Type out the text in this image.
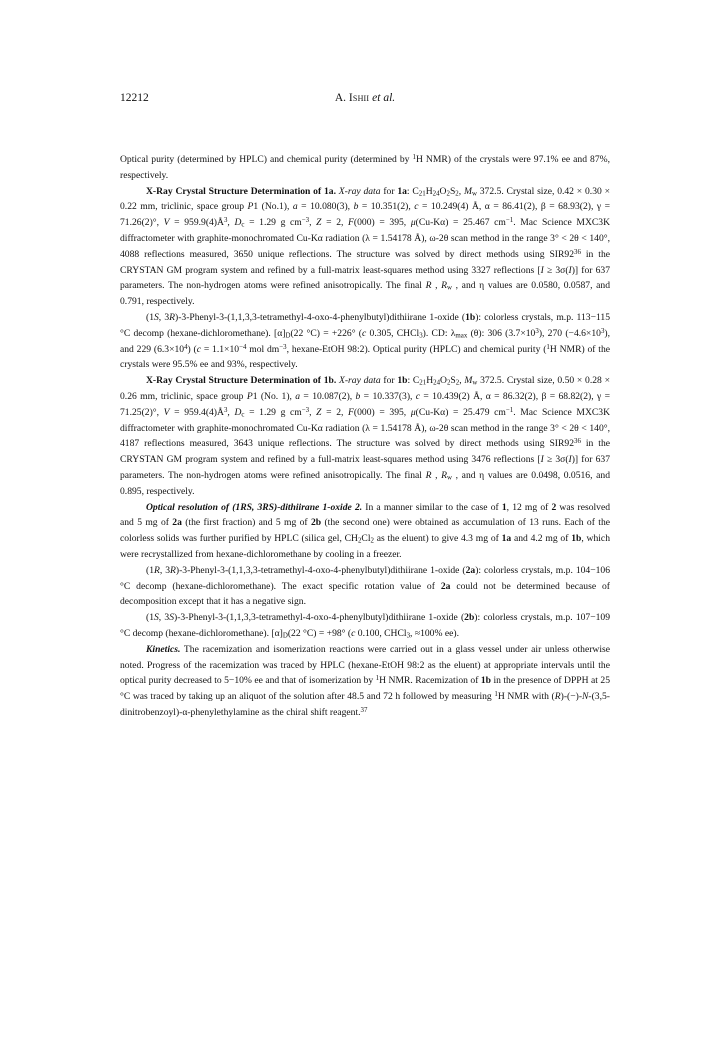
12212	A. Ishii et al.

Optical purity (determined by HPLC) and chemical purity (determined by $^1$H NMR) of the crystals were 97.1% ee and 87%, respectively.

X-Ray Crystal Structure Determination of 1a. X-ray data for 1a: $C_{21}H_{24}O_2S_2$, $M_w$ 372.5. Crystal size, 0.42 × 0.30 × 0.22 mm, triclinic, space group P1 (No.1), a = 10.080(3), b = 10.351(2), c = 10.249(4) Å, α = 86.41(2), β = 68.93(2), γ = 71.26(2)°, $V = 959.9(4)Å^3$, $D_c = 1.29$ g $cm^{-3}$, Z = 2, F(000) = 395, μ(Cu-Kα) = 25.467 $cm^{-1}$. Mac Science MXC3K diffractometer with graphite-monochromated Cu-Kα radiation (λ = 1.54178 Å), ω-2θ scan method in the range 3° < 2θ < 140°, 4088 reflections measured, 3650 unique reflections. The structure was solved by direct methods using $SIR92^{36}$ in the CRYSTAN GM program system and refined by a full-matrix least-squares method using 3327 reflections [I ≥ 3σ(I)] for 637 parameters. The non-hydrogen atoms were refined anisotropically. The final R , $R_w$ , and η values are 0.0580, 0.0587, and 0.791, respectively.

(1S, 3R)-3-Phenyl-3-(1,1,3,3-tetramethyl-4-oxo-4-phenylbutyl)dithiirane 1-oxide (1b): colorless crystals, m.p. 113−115 °C decomp (hexane-dichloromethane). $[\alpha]_D(22$ °C) = +226° (c 0.305, CHCl$_3$). CD: $\lambda_{max}$ (θ): 306 $(3.7\times 10^3)$, 270 $(-4.6\times 10^3)$, and 229 $(6.3\times 10^4) (c = 1.1\times 10^{-4}$ mol $dm^{-3}$, hexane-EtOH 98:2). Optical purity (HPLC) and chemical purity ($^1$H NMR) of the crystals were 95.5% ee and 93%, respectively.

X-Ray Crystal Structure Determination of 1b. X-ray data for 1b: $C_{21}H_{24}O_2S_2$, $M_w$ 372.5. Crystal size, 0.50 × 0.28 × 0.26 mm, triclinic, space group P1 (No. 1), a = 10.087(2), b = 10.337(3), c = 10.439(2) Å, α = 86.32(2), β = 68.82(2), γ = 71.25(2)°, $V = 959.4(4)Å^3$, $D_c = 1.29$ g $cm^{-3}$, Z = 2, F(000) = 395, μ(Cu-Kα) = 25.479 $cm^{-1}$. Mac Science MXC3K diffractometer with graphite-monochromated Cu-Kα radiation (λ = 1.54178 Å), ω-2θ scan method in the range 3° < 2θ < 140°, 4187 reflections measured, 3643 unique reflections. The structure was solved by direct methods using $SIR92^{36}$ in the CRYSTAN GM program system and refined by a full-matrix least-squares method using 3476 reflections [I ≥ 3σ(I)] for 637 parameters. The non-hydrogen atoms were refined anisotropically. The final R , $R_w$ , and η values are 0.0498, 0.0516, and 0.895, respectively.

Optical resolution of (1RS, 3RS)-dithiirane 1-oxide 2. In a manner similar to the case of 1, 12 mg of 2 was resolved and 5 mg of 2a (the first fraction) and 5 mg of 2b (the second one) were obtained as accumulation of 13 runs. Each of the colorless solids was further purified by HPLC (silica gel, $CH_2Cl_2$ as the eluent) to give 4.3 mg of 1a and 4.2 mg of 1b, which were recrystallized from hexane-dichloromethane by cooling in a freezer.

(1R, 3R)-3-Phenyl-3-(1,1,3,3-tetramethyl-4-oxo-4-phenylbutyl)dithiirane 1-oxide (2a): colorless crystals, m.p. 104−106 °C decomp (hexane-dichloromethane). The exact specific rotation value of 2a could not be determined because of decomposition except that it has a negative sign.

(1S, 3S)-3-Phenyl-3-(1,1,3,3-tetramethyl-4-oxo-4-phenylbutyl)dithiirane 1-oxide (2b): colorless crystals, m.p. 107−109 °C decomp (hexane-dichloromethane). $[\alpha]_D(22$ °C) = +98° (c 0.100, CHCl$_3$, ≈100% ee).

Kinetics. The racemization and isomerization reactions were carried out in a glass vessel under air unless otherwise noted. Progress of the racemization was traced by HPLC (hexane-EtOH 98:2 as the eluent) at appropriate intervals until the optical purity decreased to 5−10% ee and that of isomerization by $^1$H NMR. Racemization of 1b in the presence of DPPH at 25 °C was traced by taking up an aliquot of the solution after 48.5 and 72 h followed by measuring $^1$H NMR with (R)-(−)-N-(3,5-dinitrobenzoyl)-α-phenylethylamine as the chiral shift reagent.$^{37}$
